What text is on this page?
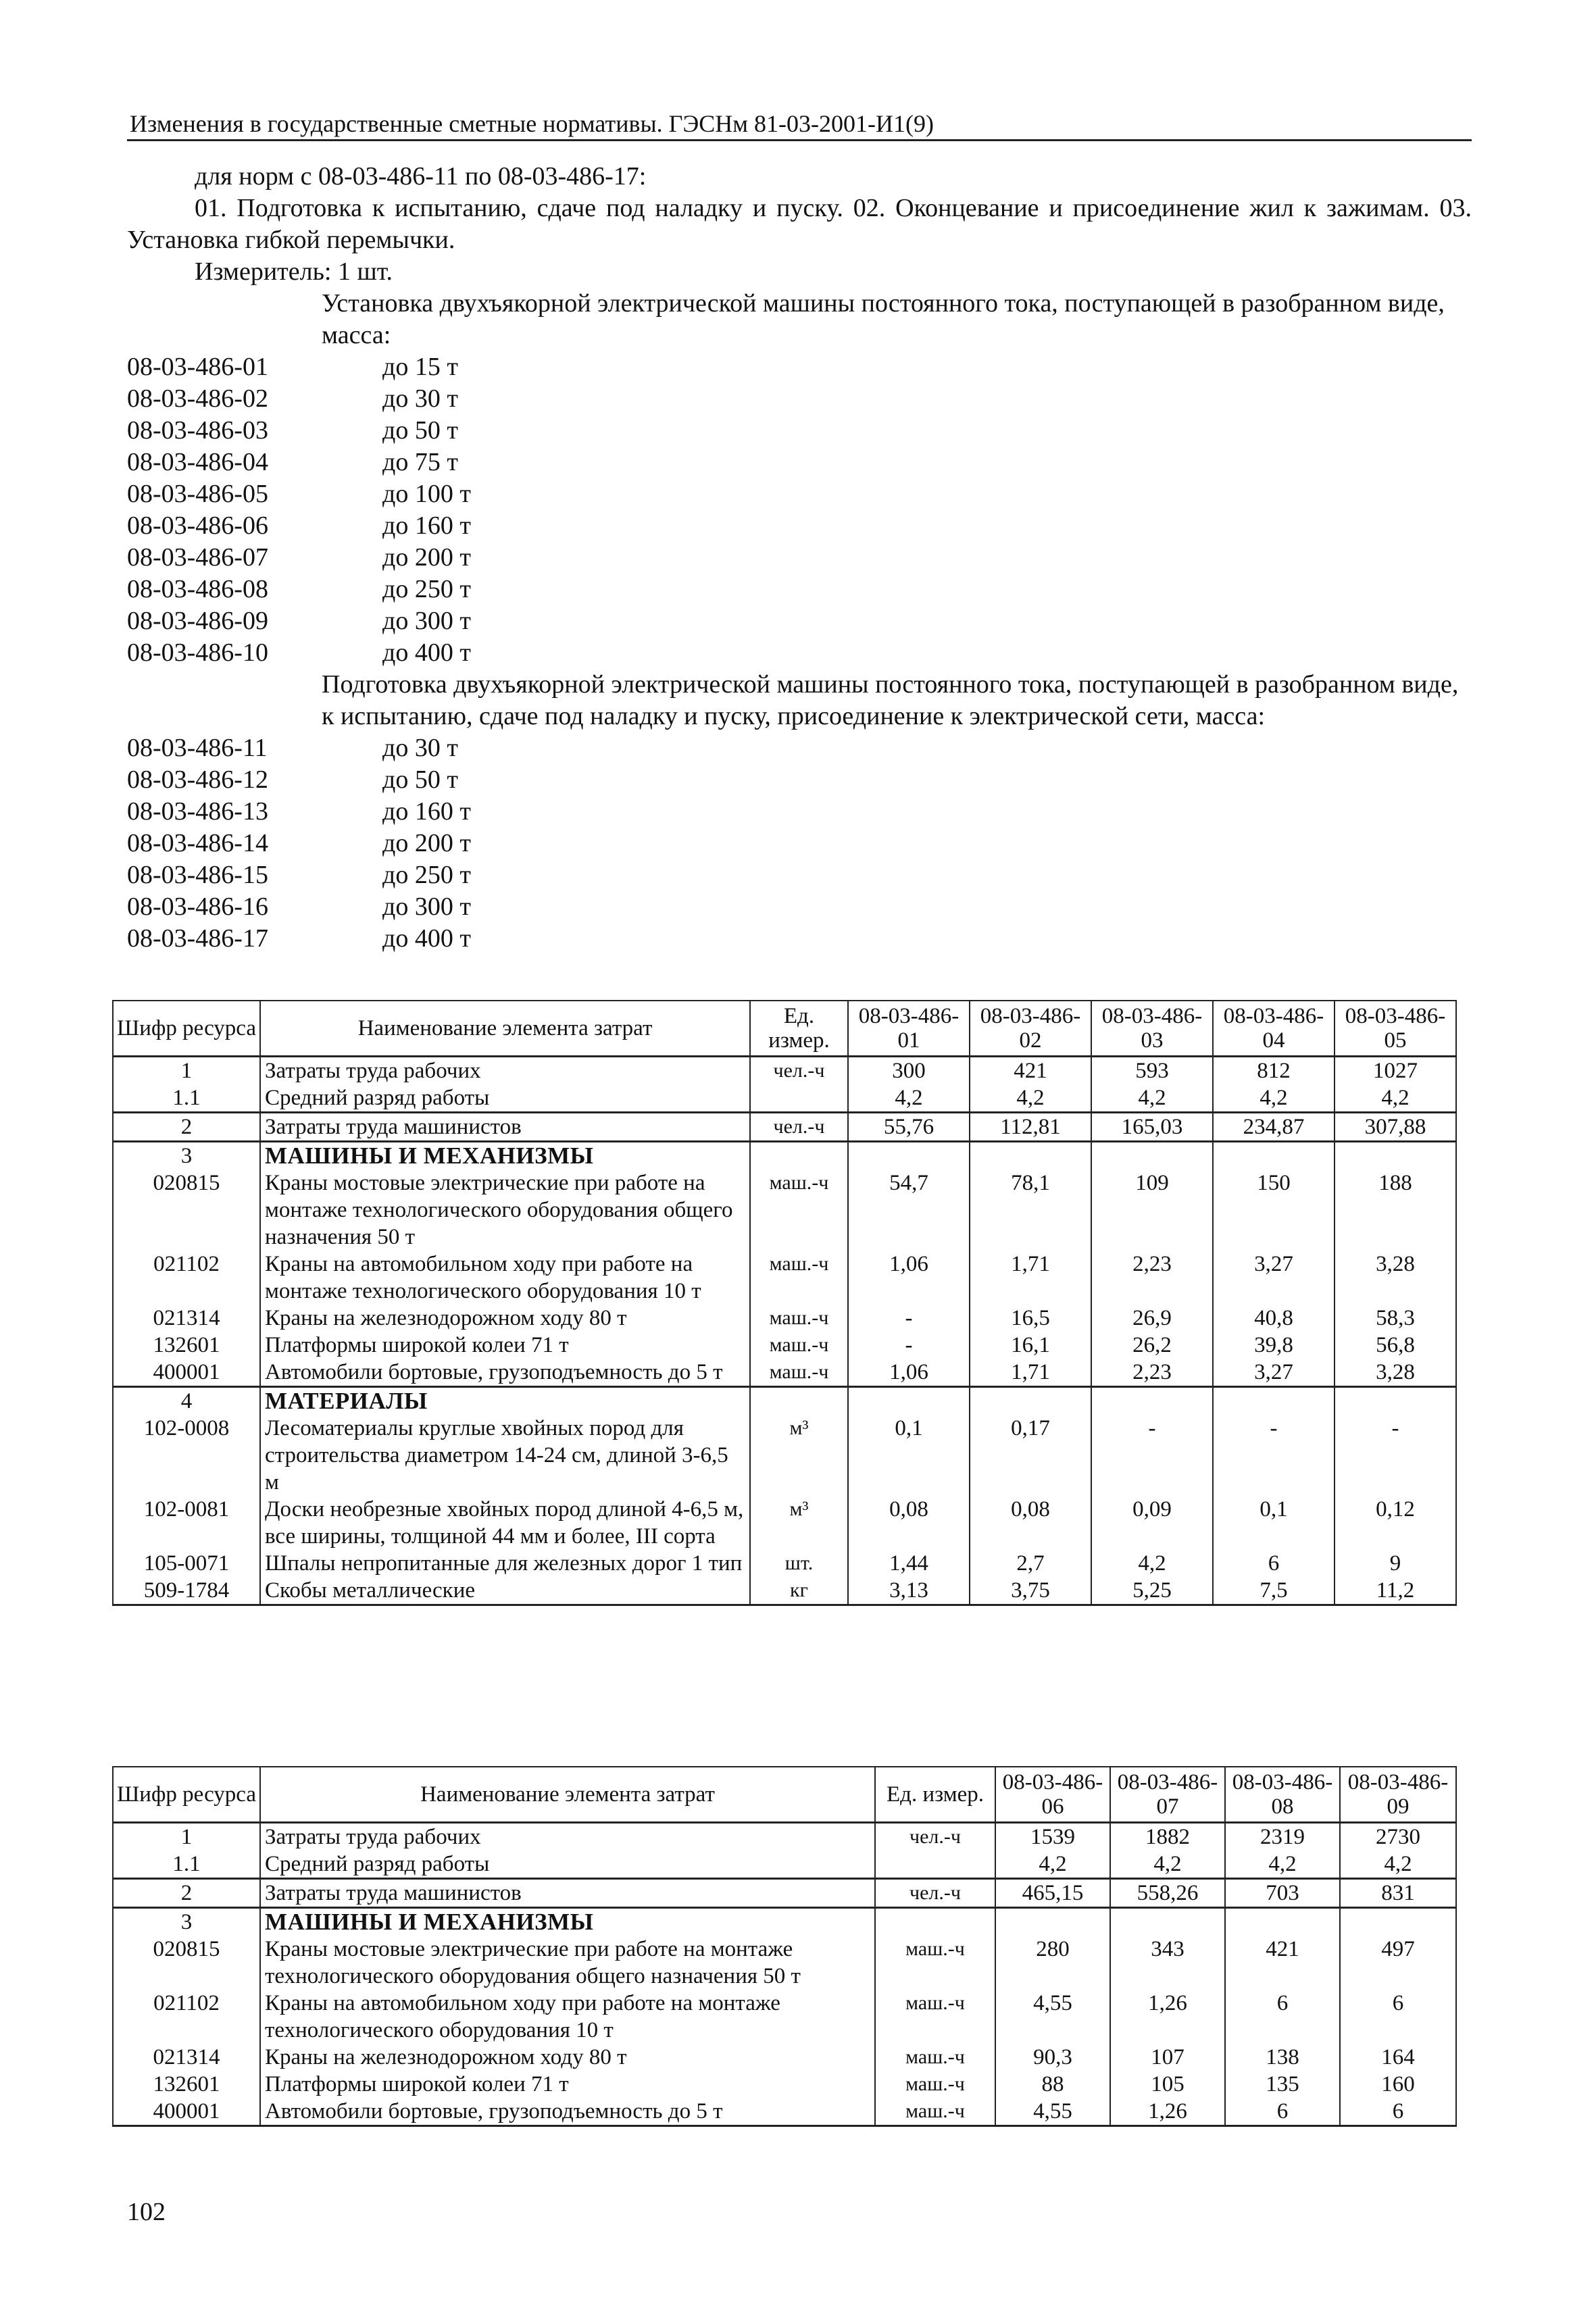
Изменения в государственные сметные нормативы. ГЭСНм 81-03-2001-И1(9)

для норм с 08-03-486-11 по 08-03-486-17:

01. Подготовка к испытанию, сдаче под наладку и пуску. 02. Оконцевание и присоединение жил к зажимам. 03. Установка гибкой перемычки.

Измеритель: 1 шт.

Установка двухъякорной электрической машины постоянного тока, поступающей в разобранном виде, масса:

08-03-486-01	до 15 т
08-03-486-02	до 30 т
08-03-486-03	до 50 т
08-03-486-04	до 75 т
08-03-486-05	до 100 т
08-03-486-06	до 160 т
08-03-486-07	до 200 т
08-03-486-08	до 250 т
08-03-486-09	до 300 т
08-03-486-10	до 400 т

Подготовка двухъякорной электрической машины постоянного тока, поступающей в разобранном виде, к испытанию, сдаче под наладку и пуску, присоединение к электрической сети, масса:

08-03-486-11	до 30 т
08-03-486-12	до 50 т
08-03-486-13	до 160 т
08-03-486-14	до 200 т
08-03-486-15	до 250 т
08-03-486-16	до 300 т
08-03-486-17	до 400 т
Шифр ресурса	Наименование элемента затрат	Ед. измер.	08-03-486-01	08-03-486-02	08-03-486-03	08-03-486-04	08-03-486-05
1	Затраты труда рабочих	чел.-ч	300	421	593	812	1027
1.1	Средний разряд работы		4,2	4,2	4,2	4,2	4,2
2	Затраты труда машинистов	чел.-ч	55,76	112,81	165,03	234,87	307,88
3	МАШИНЫ И МЕХАНИЗМЫ						
020815	Краны мостовые электрические при работе на монтаже технологического оборудования общего назначения 50 т	маш.-ч	54,7	78,1	109	150	188
021102	Краны на автомобильном ходу при работе на монтаже технологического оборудования 10 т	маш.-ч	1,06	1,71	2,23	3,27	3,28
021314	Краны на железнодорожном ходу 80 т	маш.-ч	-	16,5	26,9	40,8	58,3
132601	Платформы широкой колеи 71 т	маш.-ч	-	16,1	26,2	39,8	56,8
400001	Автомобили бортовые, грузоподъемность до 5 т	маш.-ч	1,06	1,71	2,23	3,27	3,28
4	МАТЕРИАЛЫ						
102-0008	Лесоматериалы круглые хвойных пород для строительства диаметром 14-24 см, длиной 3-6,5 м	м³	0,1	0,17	-	-	-
102-0081	Доски необрезные хвойных пород длиной 4-6,5 м, все ширины, толщиной 44 мм и более, III сорта	м³	0,08	0,08	0,09	0,1	0,12
105-0071	Шпалы непропитанные для железных дорог 1 тип	шт.	1,44	2,7	4,2	6	9
509-1784	Скобы металлические	кг	3,13	3,75	5,25	7,5	11,2
Шифр ресурса	Наименование элемента затрат	Ед. измер.	08-03-486-06	08-03-486-07	08-03-486-08	08-03-486-09
1	Затраты труда рабочих	чел.-ч	1539	1882	2319	2730
1.1	Средний разряд работы		4,2	4,2	4,2	4,2
2	Затраты труда машинистов	чел.-ч	465,15	558,26	703	831
3	МАШИНЫ И МЕХАНИЗМЫ					
020815	Краны мостовые электрические при работе на монтаже технологического оборудования общего назначения 50 т	маш.-ч	280	343	421	497
021102	Краны на автомобильном ходу при работе на монтаже технологического оборудования 10 т	маш.-ч	4,55	1,26	6	6
021314	Краны на железнодорожном ходу 80 т	маш.-ч	90,3	107	138	164
132601	Платформы широкой колеи 71 т	маш.-ч	88	105	135	160
400001	Автомобили бортовые, грузоподъемность до 5 т	маш.-ч	4,55	1,26	6	6
102
